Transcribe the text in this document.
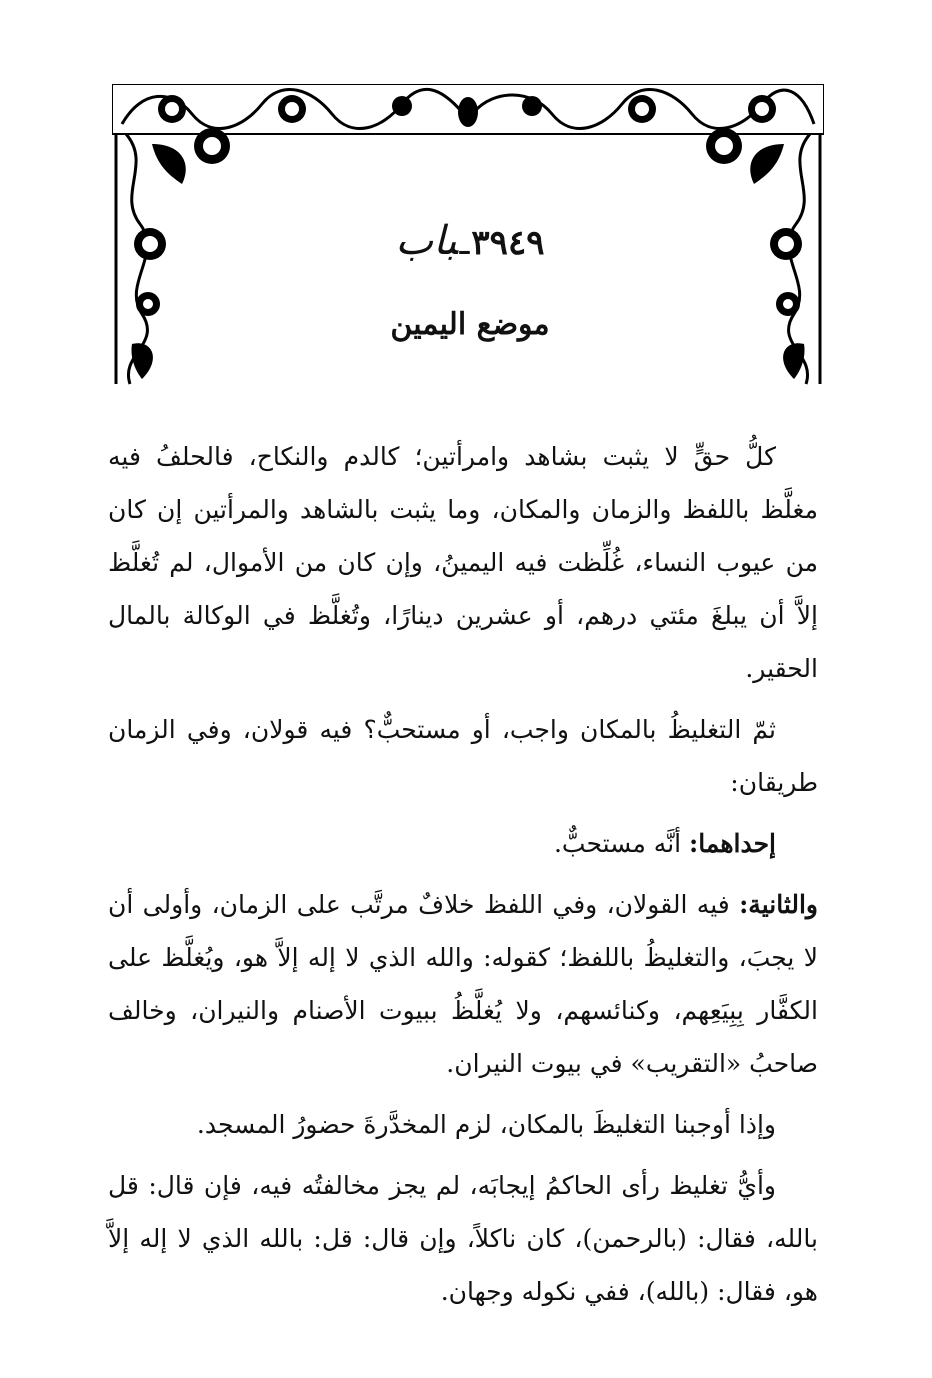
٣٩٤٩ـباب
موضع اليمين

كلُّ حقٍّ لا يثبت بشاهد وامرأتين؛ كالدم والنكاح، فالحلفُ فيه مغلَّظ باللفظ والزمان والمكان، وما يثبت بالشاهد والمرأتين إن كان من عيوب النساء، غُلِّظت فيه اليمينُ، وإن كان من الأموال، لم تُغلَّظ إلاَّ أن يبلغَ مئتي درهم، أو عشرين دينارًا، وتُغلَّظ في الوكالة بالمال الحقير.

ثمّ التغليظُ بالمكان واجب، أو مستحبٌّ؟ فيه قولان، وفي الزمان طريقان:

إحداهما: أنَّه مستحبٌّ.

والثانية: فيه القولان، وفي اللفظ خلافٌ مرتَّب على الزمان، وأولى أن لا يجبَ، والتغليظُ باللفظ؛ كقوله: والله الذي لا إله إلاَّ هو، ويُغلَّظ على الكفَّار بِبِيَعِهم، وكنائسهم، ولا يُغلَّظُ ببيوت الأصنام والنيران، وخالف صاحبُ «التقريب» في بيوت النيران.

وإذا أوجبنا التغليظَ بالمكان، لزم المخدَّرةَ حضورُ المسجد.

وأيُّ تغليظ رأى الحاكمُ إيجابَه، لم يجز مخالفتُه فيه، فإن قال: قل بالله، فقال: (بالرحمن)، كان ناكلاً، وإن قال: قل: بالله الذي لا إله إلاَّ هو، فقال: (بالله)، ففي نكوله وجهان.
